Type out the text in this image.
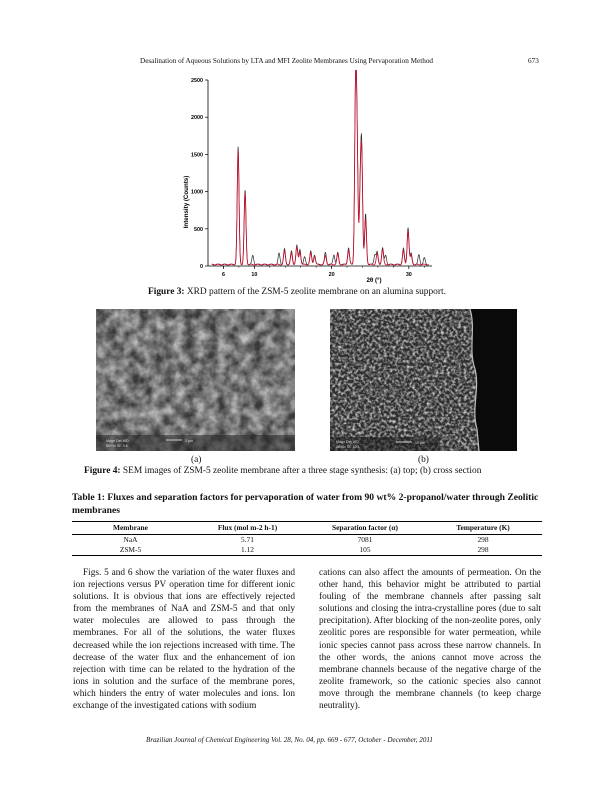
Desalination of Aqueous Solutions by LTA and MFI Zeolite Membranes Using Pervaporation Method	673
0
500
1000
1500
2000
2500
6	10	20	30
Intensity (Counts)
2θ (°)
Figure 3: XRD pattern of the ZSM-5 zeolite membrane on an alumina support.
Magn Det WD
5000x SE 9.6
2 µm	Magn Det WD
2000x SE 10.1
10 µm
(a)	(b)
Figure 4: SEM images of ZSM-5 zeolite membrane after a three stage synthesis: (a) top; (b) cross section
Table 1: Fluxes and separation factors for pervaporation of water from 90 wt% 2-propanol/water through Zeolitic membranes
Membrane	Flux (mol m-2 h-1)	Separation factor (α)	Temperature (K)
NaA	5.71	7081	298
ZSM-5	1.12	105	298
Figs. 5 and 6 show the variation of the water fluxes and ion rejections versus PV operation time for different ionic solutions. It is obvious that ions are effectively rejected from the membranes of NaA and ZSM-5 and that only water molecules are allowed to pass through the membranes. For all of the solutions, the water fluxes decreased while the ion rejections increased with time. The decrease of the water flux and the enhancement of ion rejection with time can be related to the hydration of the ions in solution and the surface of the membrane pores, which hinders the entry of water molecules and ions. Ion exchange of the investigated cations with sodium
cations can also affect the amounts of permeation. On the other hand, this behavior might be attributed to partial fouling of the membrane channels after passing salt solutions and closing the intra-crystalline pores (due to salt precipitation). After blocking of the non-zeolite pores, only zeolitic pores are responsible for water permeation, while ionic species cannot pass across these narrow channels. In the other words, the anions cannot move across the membrane channels because of the negative charge of the zeolite framework, so the cationic species also cannot move through the membrane channels (to keep charge neutrality).
Brazilian Journal of Chemical Engineering Vol. 28, No. 04, pp. 669 - 677, October - December, 2011
